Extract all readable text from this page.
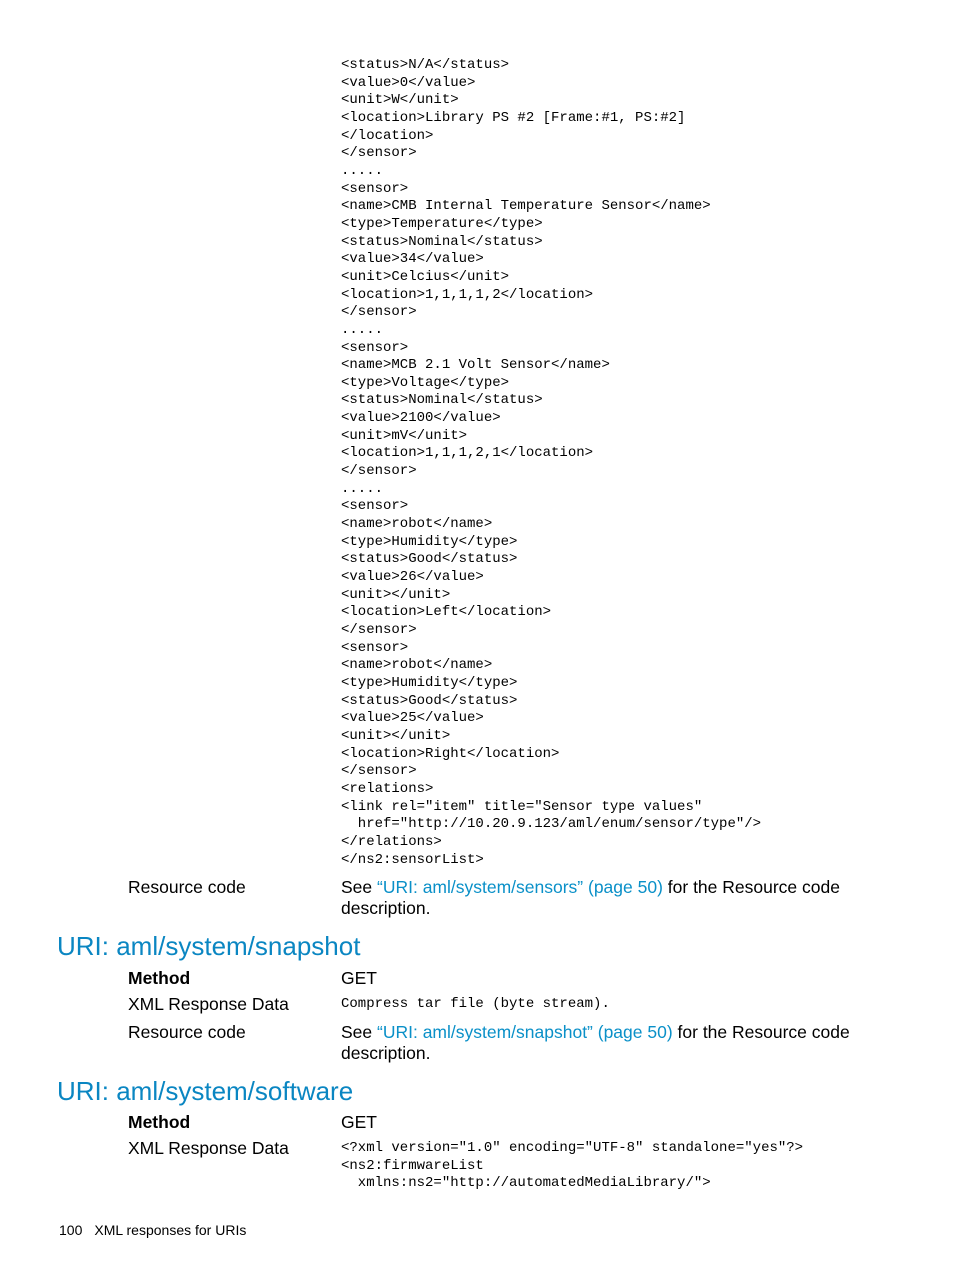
<status>N/A</status>
<value>0</value>
<unit>W</unit>
<location>Library PS #2 [Frame:#1, PS:#2]
</location>
</sensor>
.....
<sensor>
<name>CMB Internal Temperature Sensor</name>
<type>Temperature</type>
<status>Nominal</status>
<value>34</value>
<unit>Celcius</unit>
<location>1,1,1,1,2</location>
</sensor>
.....
<sensor>
<name>MCB 2.1 Volt Sensor</name>
<type>Voltage</type>
<status>Nominal</status>
<value>2100</value>
<unit>mV</unit>
<location>1,1,1,2,1</location>
</sensor>
.....
<sensor>
<name>robot</name>
<type>Humidity</type>
<status>Good</status>
<value>26</value>
<unit></unit>
<location>Left</location>
</sensor>
<sensor>
<name>robot</name>
<type>Humidity</type>
<status>Good</status>
<value>25</value>
<unit></unit>
<location>Right</location>
</sensor>
<relations>
<link rel="item" title="Sensor type values"
href="http://10.20.9.123/aml/enum/sensor/type"/>
</relations>
</ns2:sensorList>
Resource code	See “URI: aml/system/sensors” (page 50) for the Resource code
description.
URI: aml/system/snapshot
Method	GET
XML Response Data	Compress tar file (byte stream).
Resource code	See “URI: aml/system/snapshot” (page 50) for the Resource code
description.
URI: aml/system/software
Method	GET
XML Response Data	<?xml version="1.0" encoding="UTF-8" standalone="yes"?>
<ns2:firmwareList
xmlns:ns2="http://automatedMediaLibrary/">
100 XML responses for URIs
